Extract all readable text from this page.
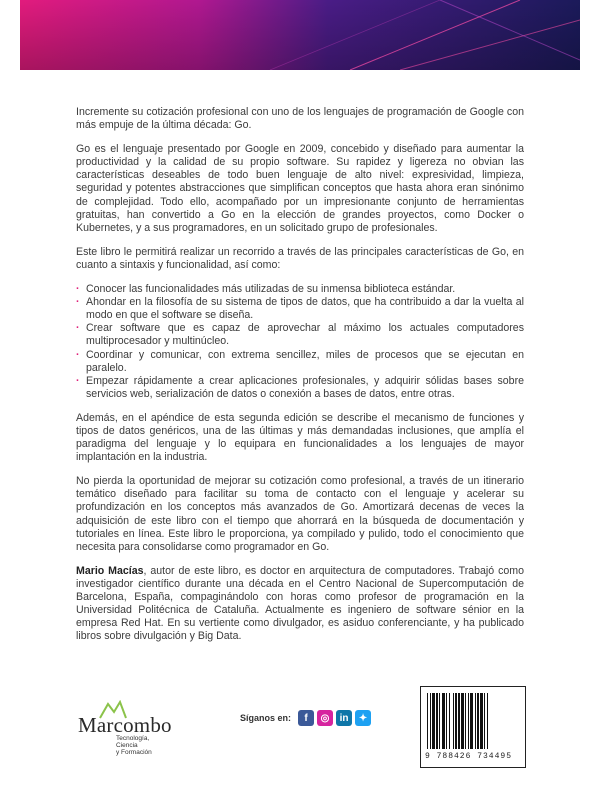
Incremente su cotización profesional con uno de los lenguajes de programación de Google con más empuje de la última década: Go.

Go es el lenguaje presentado por Google en 2009, concebido y diseñado para aumentar la productividad y la calidad de su propio software. Su rapidez y ligereza no obvian las características deseables de todo buen lenguaje de alto nivel: expresividad, limpieza, seguridad y potentes abstracciones que simplifican conceptos que hasta ahora eran sinónimo de complejidad. Todo ello, acompañado por un impresionante conjunto de herramientas gratuitas, han convertido a Go en la elección de grandes proyectos, como Docker o Kubernetes, y a sus programadores, en un solicitado grupo de profesionales.

Este libro le permitirá realizar un recorrido a través de las principales características de Go, en cuanto a sintaxis y funcionalidad, así como:

· Conocer las funcionalidades más utilizadas de su inmensa biblioteca estándar.
· Ahondar en la filosofía de su sistema de tipos de datos, que ha contribuido a dar la vuelta al modo en que el software se diseña.
· Crear software que es capaz de aprovechar al máximo los actuales computadores multiprocesador y multinúcleo.
· Coordinar y comunicar, con extrema sencillez, miles de procesos que se ejecutan en paralelo.
· Empezar rápidamente a crear aplicaciones profesionales, y adquirir sólidas bases sobre servicios web, serialización de datos o conexión a bases de datos, entre otras.

Además, en el apéndice de esta segunda edición se describe el mecanismo de funciones y tipos de datos genéricos, una de las últimas y más demandadas inclusiones, que amplía el paradigma del lenguaje y lo equipara en funcionalidades a los lenguajes de mayor implantación en la industria.

No pierda la oportunidad de mejorar su cotización como profesional, a través de un itinerario temático diseñado para facilitar su toma de contacto con el lenguaje y acelerar su profundización en los conceptos más avanzados de Go. Amortizará decenas de veces la adquisición de este libro con el tiempo que ahorrará en la búsqueda de documentación y tutoriales en línea. Este libro le proporciona, ya compilado y pulido, todo el conocimiento que necesita para consolidarse como programador en Go.

Mario Macías, autor de este libro, es doctor en arquitectura de computadores. Trabajó como investigador científico durante una década en el Centro Nacional de Supercomputación de Barcelona, España, compaginándolo con horas como profesor de programación en la Universidad Politécnica de Cataluña. Actualmente es ingeniero de software sénior en la empresa Red Hat. En su vertiente como divulgador, es asiduo conferenciante, y ha publicado libros sobre divulgación y Big Data.

Marcombo
Tecnología,
Ciencia
y Formación
Síganos en: f ◎ in ✦
9 788426 734495
